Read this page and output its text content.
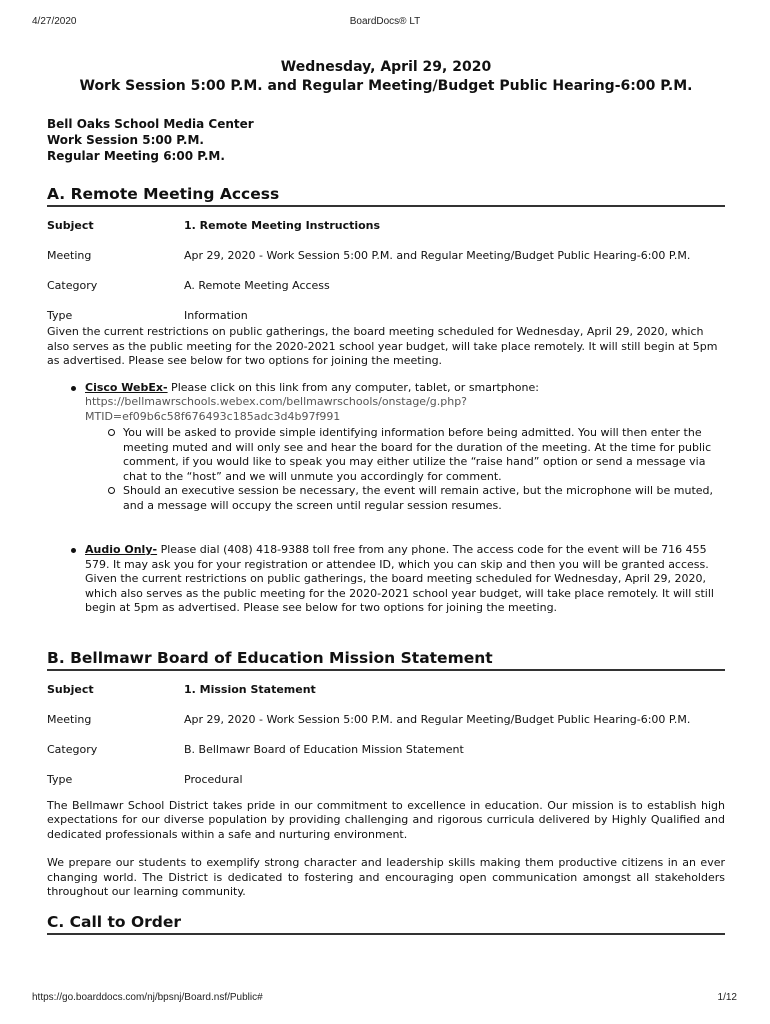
4/27/2020	BoardDocs® LT
Wednesday, April 29, 2020
Work Session 5:00 P.M. and Regular Meeting/Budget Public Hearing-6:00 P.M.
Bell Oaks School Media Center
Work Session 5:00 P.M.
Regular Meeting 6:00 P.M.
A. Remote Meeting Access
Subject	1. Remote Meeting Instructions
Meeting	Apr 29, 2020 - Work Session 5:00 P.M. and Regular Meeting/Budget Public Hearing-6:00 P.M.
Category	A. Remote Meeting Access
Type	Information
Given the current restrictions on public gatherings, the board meeting scheduled for Wednesday, April 29, 2020, which also serves as the public meeting for the 2020-2021 school year budget, will take place remotely. It will still begin at 5pm as advertised. Please see below for two options for joining the meeting.
Cisco WebEx- Please click on this link from any computer, tablet, or smartphone:
https://bellmawrschools.webex.com/bellmawrschools/onstage/g.php?
MTID=ef09b6c58f676493c185adc3d4b97f991
You will be asked to provide simple identifying information before being admitted. You will then enter the meeting muted and will only see and hear the board for the duration of the meeting. At the time for public comment, if you would like to speak you may either utilize the “raise hand” option or send a message via chat to the “host” and we will unmute you accordingly for comment.
Should an executive session be necessary, the event will remain active, but the microphone will be muted, and a message will occupy the screen until regular session resumes.
Audio Only- Please dial (408) 418-9388 toll free from any phone. The access code for the event will be 716 455 579. It may ask you for your registration or attendee ID, which you can skip and then you will be granted access.
Given the current restrictions on public gatherings, the board meeting scheduled for Wednesday, April 29, 2020, which also serves as the public meeting for the 2020-2021 school year budget, will take place remotely. It will still begin at 5pm as advertised. Please see below for two options for joining the meeting.
B. Bellmawr Board of Education Mission Statement
Subject	1. Mission Statement
Meeting	Apr 29, 2020 - Work Session 5:00 P.M. and Regular Meeting/Budget Public Hearing-6:00 P.M.
Category	B. Bellmawr Board of Education Mission Statement
Type	Procedural
The Bellmawr School District takes pride in our commitment to excellence in education. Our mission is to establish high expectations for our diverse population by providing challenging and rigorous curricula delivered by Highly Qualified and dedicated professionals within a safe and nurturing environment.
We prepare our students to exemplify strong character and leadership skills making them productive citizens in an ever changing world. The District is dedicated to fostering and encouraging open communication amongst all stakeholders throughout our learning community.
C. Call to Order
https://go.boarddocs.com/nj/bpsnj/Board.nsf/Public#	1/12
